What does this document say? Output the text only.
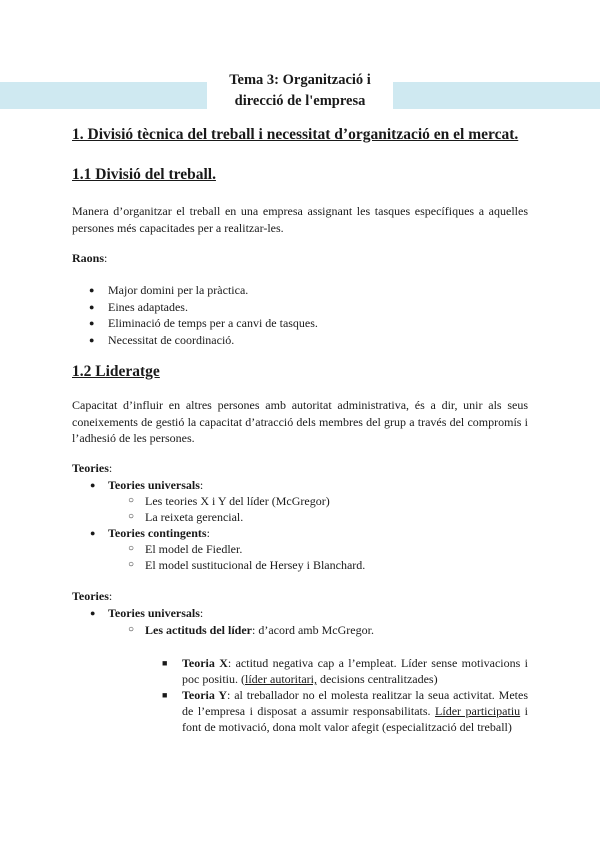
Tema 3: Organització i
direcció de l'empresa
1. Divisió tècnica del treball i necessitat d’organització en el mercat.
1.1 Divisió del treball.

Manera d’organitzar el treball en una empresa assignant les tasques específiques a aquelles persones més capacitades per a realitzar-les.

Raons:

● Major domini per la pràctica.
● Eines adaptades.
● Eliminació de temps per a canvi de tasques.
● Necessitat de coordinació.
1.2 Lideratge

Capacitat d’influir en altres persones amb autoritat administrativa, és a dir, unir als seus coneixements de gestió la capacitat d’atracció dels membres del grup a través del compromís i l’adhesió de les persones.

Teories:

● Teories universals:
○ Les teories X i Y del líder (McGregor)
○ La reixeta gerencial.
● Teories contingents:
○ El model de Fiedler.
○ El model sustitucional de Hersey i Blanchard.

Teories:

● Teories universals:
○ Les actituds del líder: d’acord amb McGregor.

■ Teoria X: actitud negativa cap a l’empleat. Líder sense motivacions i poc positiu. (líder autoritari, decisions centralitzades)

■ Teoria Y: al treballador no el molesta realitzar la seua activitat. Metes de l’empresa i disposat a assumir responsabilitats. Líder participatiu i font de motivació, dona molt valor afegit (especialització del treball)
